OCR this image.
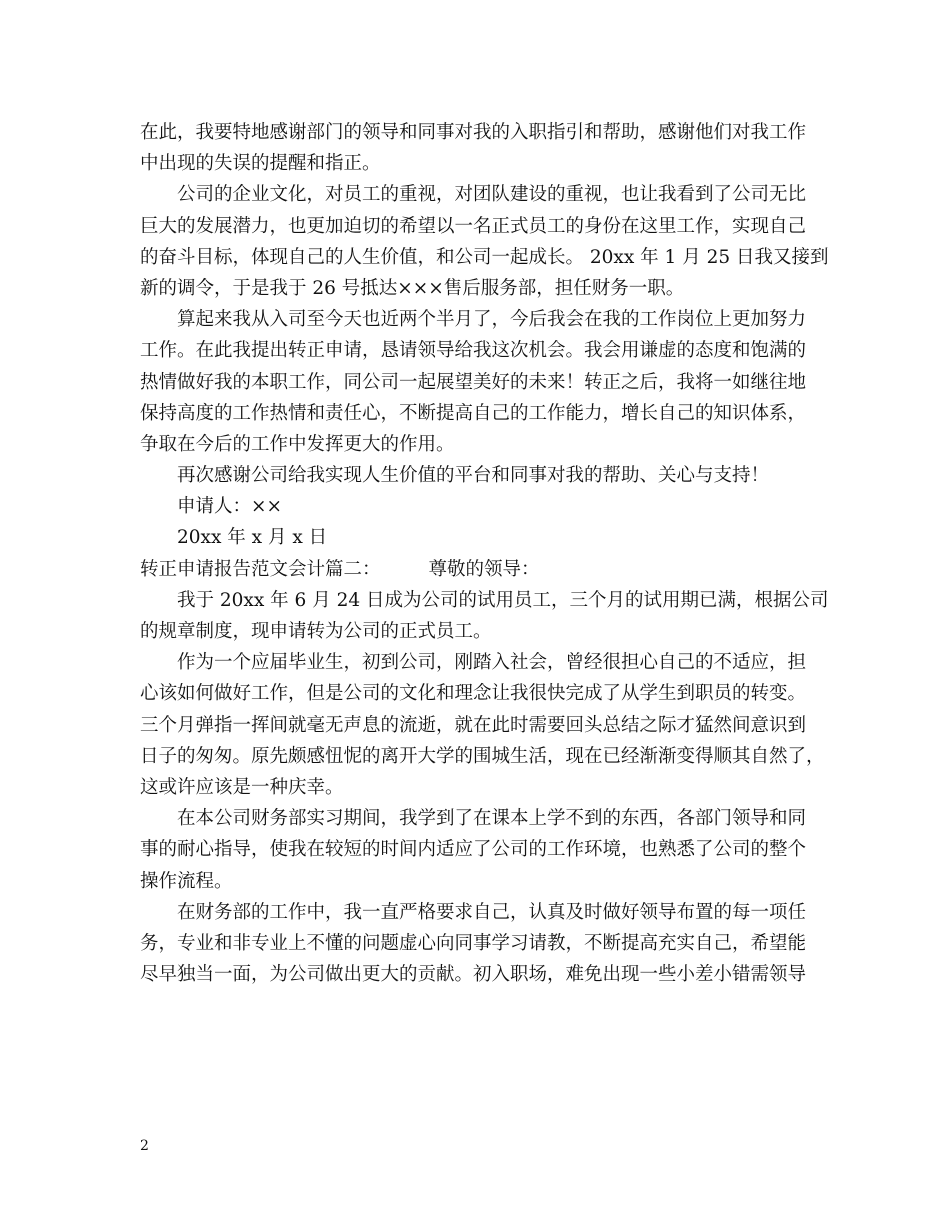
在此，我要特地感谢部门的领导和同事对我的入职指引和帮助，感谢他们对我工作
中出现的失误的提醒和指正。
公司的企业文化，对员工的重视，对团队建设的重视，也让我看到了公司无比
巨大的发展潜力，也更加迫切的希望以一名正式员工的身份在这里工作，实现自己
的奋斗目标，体现自己的人生价值，和公司一起成长。 20xx 年 1 月 25 日我又接到
新的调令，于是我于 26 号抵达×××售后服务部，担任财务一职。
算起来我从入司至今天也近两个半月了，今后我会在我的工作岗位上更加努力
工作。在此我提出转正申请，恳请领导给我这次机会。我会用谦虚的态度和饱满的
热情做好我的本职工作，同公司一起展望美好的未来！转正之后，我将一如继往地
保持高度的工作热情和责任心，不断提高自己的工作能力，增长自己的知识体系，
争取在今后的工作中发挥更大的作用。
再次感谢公司给我实现人生价值的平台和同事对我的帮助、关心与支持！
申请人：××
20xx 年 x 月 x 日
转正申请报告范文会计篇二：	尊敬的领导：
我于 20xx 年 6 月 24 日成为公司的试用员工，三个月的试用期已满，根据公司
的规章制度，现申请转为公司的正式员工。
作为一个应届毕业生，初到公司，刚踏入社会，曾经很担心自己的不适应，担
心该如何做好工作，但是公司的文化和理念让我很快完成了从学生到职员的转变。
三个月弹指一挥间就毫无声息的流逝，就在此时需要回头总结之际才猛然间意识到
日子的匆匆。原先颇感忸怩的离开大学的围城生活，现在已经渐渐变得顺其自然了，
这或许应该是一种庆幸。
在本公司财务部实习期间，我学到了在课本上学不到的东西，各部门领导和同
事的耐心指导，使我在较短的时间内适应了公司的工作环境，也熟悉了公司的整个
操作流程。
在财务部的工作中，我一直严格要求自己，认真及时做好领导布置的每一项任
务，专业和非专业上不懂的问题虚心向同事学习请教，不断提高充实自己，希望能
尽早独当一面，为公司做出更大的贡献。初入职场，难免出现一些小差小错需领导
2
